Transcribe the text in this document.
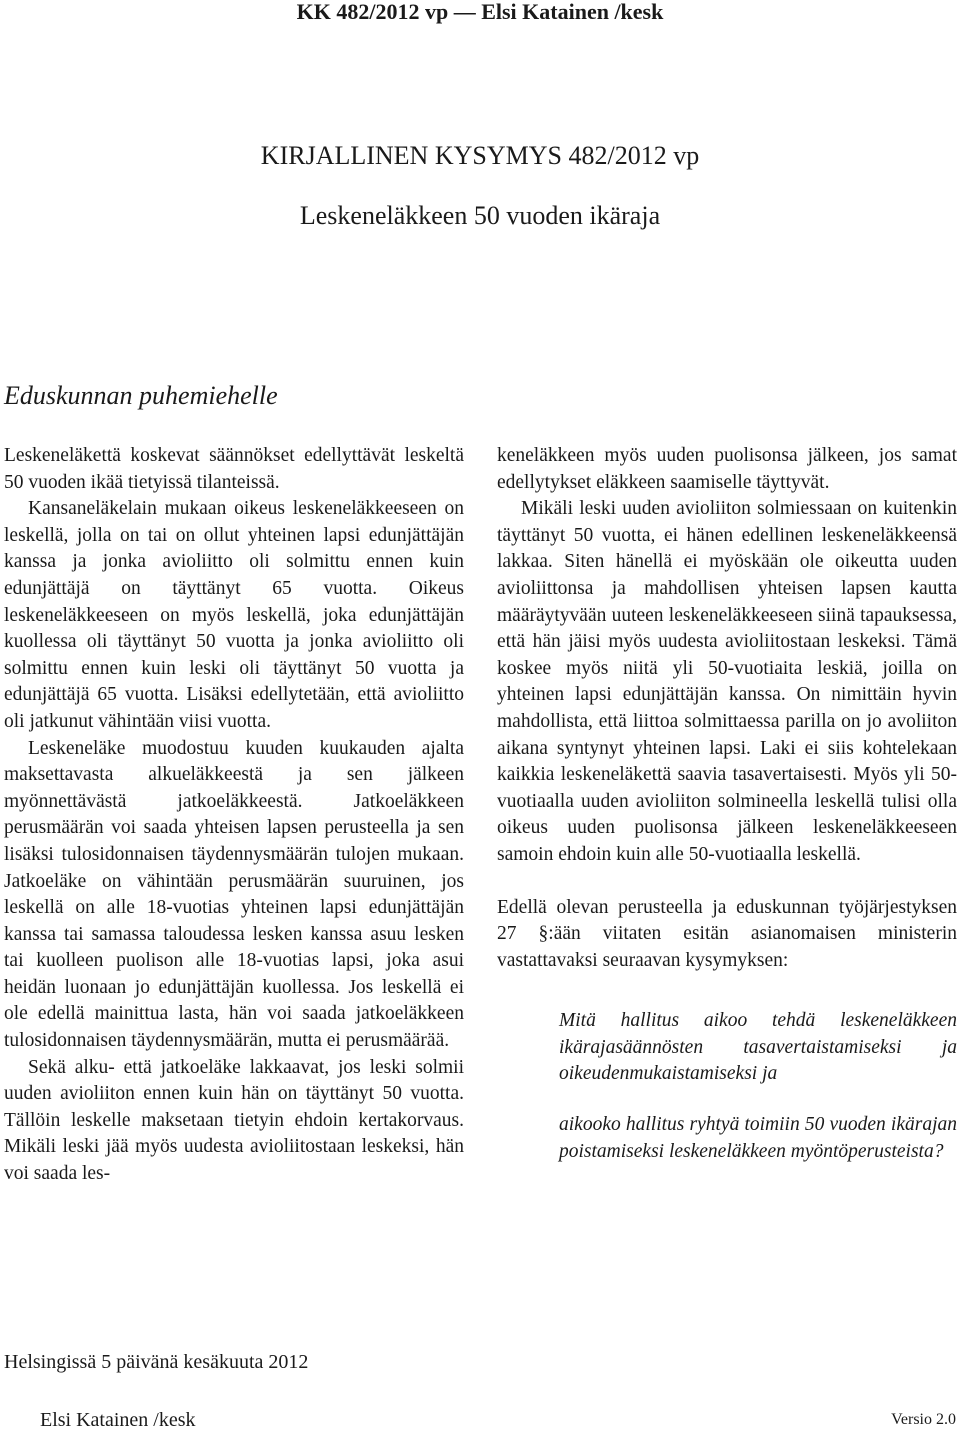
KK 482/2012 vp — Elsi Katainen /kesk
KIRJALLINEN KYSYMYS 482/2012 vp
Leskeneläkkeen 50 vuoden ikäraja
Eduskunnan puhemiehelle

Leskeneläkettä koskevat säännökset edellyttävät leskeltä 50 vuoden ikää tietyissä tilanteissä.

Kansaneläkelain mukaan oikeus leskeneläkkeeseen on leskellä, jolla on tai on ollut yhteinen lapsi edunjättäjän kanssa ja jonka avioliitto oli solmittu ennen kuin edunjättäjä on täyttänyt 65 vuotta. Oikeus leskeneläkkeeseen on myös leskellä, joka edunjättäjän kuollessa oli täyttänyt 50 vuotta ja jonka avioliitto oli solmittu ennen kuin leski oli täyttänyt 50 vuotta ja edunjättäjä 65 vuotta. Lisäksi edellytetään, että avioliitto oli jatkunut vähintään viisi vuotta.

Leskeneläke muodostuu kuuden kuukauden ajalta maksettavasta alkueläkkeestä ja sen jälkeen myönnettävästä jatkoeläkkeestä. Jatkoeläkkeen perusmäärän voi saada yhteisen lapsen perusteella ja sen lisäksi tulosidonnaisen täydennysmäärän tulojen mukaan. Jatkoeläke on vähintään perusmäärän suuruinen, jos leskellä on alle 18-vuotias yhteinen lapsi edunjättäjän kanssa tai samassa taloudessa lesken kanssa asuu lesken tai kuolleen puolison alle 18-vuotias lapsi, joka asui heidän luonaan jo edunjättäjän kuollessa. Jos leskellä ei ole edellä mainittua lasta, hän voi saada jatkoeläkkeen tulosidonnaisen täydennysmäärän, mutta ei perusmäärää.

Sekä alku- että jatkoeläke lakkaavat, jos leski solmii uuden avioliiton ennen kuin hän on täyttänyt 50 vuotta. Tällöin leskelle maksetaan tietyin ehdoin kertakorvaus. Mikäli leski jää myös uudesta avioliitostaan leskeksi, hän voi saada les-

keneläkkeen myös uuden puolisonsa jälkeen, jos samat edellytykset eläkkeen saamiselle täyttyvät.

Mikäli leski uuden avioliiton solmiessaan on kuitenkin täyttänyt 50 vuotta, ei hänen edellinen leskeneläkkeensä lakkaa. Siten hänellä ei myöskään ole oikeutta uuden avioliittonsa ja mahdollisen yhteisen lapsen kautta määräytyvään uuteen leskeneläkkeeseen siinä tapauksessa, että hän jäisi myös uudesta avioliitostaan leskeksi. Tämä koskee myös niitä yli 50-vuotiaita leskiä, joilla on yhteinen lapsi edunjättäjän kanssa. On nimittäin hyvin mahdollista, että liittoa solmittaessa parilla on jo avoliiton aikana syntynyt yhteinen lapsi. Laki ei siis kohtelekaan kaikkia leskeneläkettä saavia tasavertaisesti. Myös yli 50-vuotiaalla uuden avioliiton solmineella leskellä tulisi olla oikeus uuden puolisonsa jälkeen leskeneläkkeeseen samoin ehdoin kuin alle 50-vuotiaalla leskellä.

Edellä olevan perusteella ja eduskunnan työjärjestyksen 27 §:ään viitaten esitän asianomaisen ministerin vastattavaksi seuraavan kysymyksen:

Mitä hallitus aikoo tehdä leskeneläkkeen ikärajasäännösten tasavertaistamiseksi ja oikeudenmukaistamiseksi ja

aikooko hallitus ryhtyä toimiin 50 vuoden ikärajan poistamiseksi leskeneläkkeen myöntöperusteista?

Helsingissä 5 päivänä kesäkuuta 2012
Elsi Katainen /kesk	Versio 2.0
